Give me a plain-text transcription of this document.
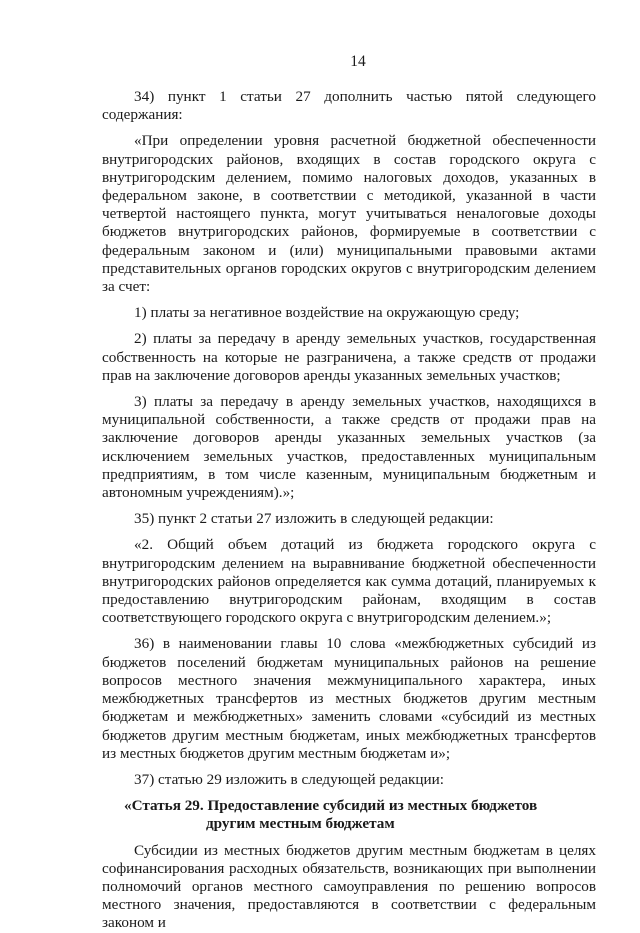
14

34) пункт 1 статьи 27 дополнить частью пятой следующего содержания:

«При определении уровня расчетной бюджетной обеспеченности внутригородских районов, входящих в состав городского округа с внутригородским делением, помимо налоговых доходов, указанных в федеральном законе, в соответствии с методикой, указанной в части четвертой настоящего пункта, могут учитываться неналоговые доходы бюджетов внутригородских районов, формируемые в соответствии с федеральным законом и (или) муниципальными правовыми актами представительных органов городских округов с внутригородским делением за счет:

1) платы за негативное воздействие на окружающую среду;

2) платы за передачу в аренду земельных участков, государственная собственность на которые не разграничена, а также средств от продажи прав на заключение договоров аренды указанных земельных участков;

3) платы за передачу в аренду земельных участков, находящихся в муниципальной собственности, а также средств от продажи прав на заключение договоров аренды указанных земельных участков (за исключением земельных участков, предоставленных муниципальным предприятиям, в том числе казенным, муниципальным бюджетным и автономным учреждениям).»;

35) пункт 2 статьи 27 изложить в следующей редакции:

«2. Общий объем дотаций из бюджета городского округа с внутригородским делением на выравнивание бюджетной обеспеченности внутригородских районов определяется как сумма дотаций, планируемых к предоставлению внутригородским районам, входящим в состав соответствующего городского округа с внутригородским делением.»;

36) в наименовании главы 10 слова «межбюджетных субсидий из бюджетов поселений бюджетам муниципальных районов на решение вопросов местного значения межмуниципального характера, иных межбюджетных трансфертов из местных бюджетов другим местным бюджетам и межбюджетных» заменить словами «субсидий из местных бюджетов другим местным бюджетам, иных межбюджетных трансфертов из местных бюджетов другим местным бюджетам и»;

37) статью 29 изложить в следующей редакции:

«Статья 29. Предоставление субсидий из местных бюджетов
другим местным бюджетам

Субсидии из местных бюджетов другим местным бюджетам в целях софинансирования расходных обязательств, возникающих при выполнении полномочий органов местного самоуправления по решению вопросов местного значения, предоставляются в соответствии с федеральным законом и
